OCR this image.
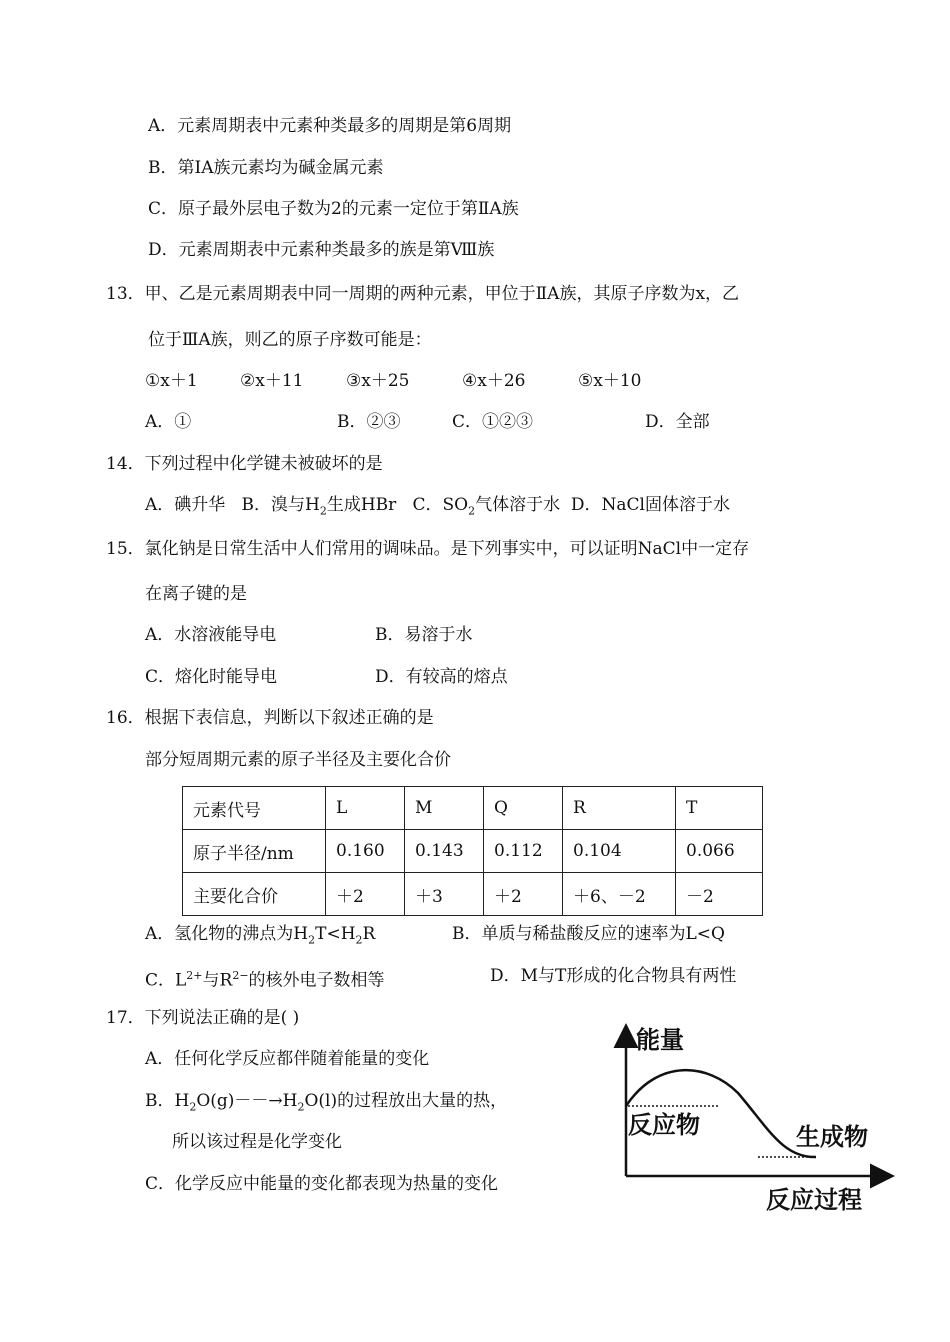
A．元素周期表中元素种类最多的周期是第6周期
B．第IA族元素均为碱金属元素
C．原子最外层电子数为2的元素一定位于第ⅡA族
D．元素周期表中元素种类最多的族是第Ⅷ族
13．甲、乙是元素周期表中同一周期的两种元素，甲位于ⅡA族，其原子序数为x，乙
位于ⅢA族，则乙的原子序数可能是：
①x＋1 ②x＋11	③x＋25	④x＋26	⑤x＋10
A．①	B．②③	C．①②③	D．全部
14．下列过程中化学键未被破坏的是
A．碘升华 B．溴与$H_2$生成HBr C．$SO_2$气体溶于水 D．NaCl固体溶于水
15．氯化钠是日常生活中人们常用的调味品。是下列事实中，可以证明NaCl中一定存
在离子键的是
A．水溶液能导电	B．易溶于水
C．熔化时能导电	D．有较高的熔点
16．根据下表信息，判断以下叙述正确的是
部分短周期元素的原子半径及主要化合价
元素代号	L	M	Q	R	T
原子半径/nm	0.160	0.143	0.112	0.104	0.066
主要化合价	＋2	＋3	＋2	＋6、－2	－2
A．氢化物的沸点为$H_2T<H_2R$	B．单质与稀盐酸反应的速率为L<Q
C．$L^{2+}$与$R^{2-}$的核外电子数相等	D．M与T形成的化合物具有两性
17．下列说法正确的是( )
A．任何化学反应都伴随着能量的变化
B．$H_2O(g)--\to H_2O(l)$的过程放出大量的热，
所以该过程是化学变化
C．化学反应中能量的变化都表现为热量的变化
能量
反应物	生成物
反应过程
